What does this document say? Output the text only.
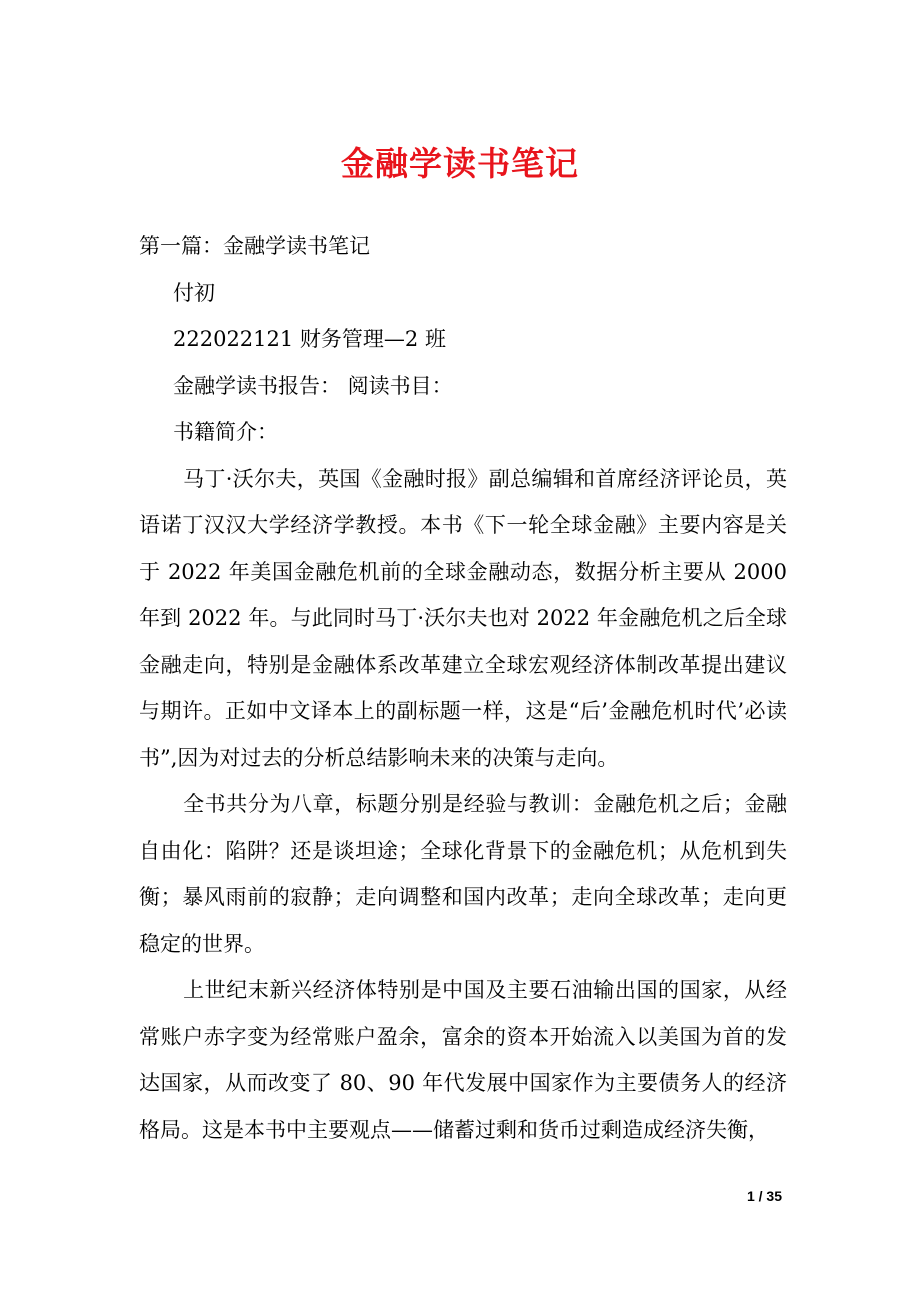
金融学读书笔记

第一篇：金融学读书笔记

付初

222022121 财务管理—2 班

金融学读书报告： 阅读书目：

书籍简介：

马丁·沃尔夫，英国《金融时报》副总编辑和首席经济评论员，英语诺丁汉汉大学经济学教授。本书《下一轮全球金融》主要内容是关于 2022 年美国金融危机前的全球金融动态，数据分析主要从 2000 年到 2022 年。与此同时马丁·沃尔夫也对 2022 年金融危机之后全球金融走向，特别是金融体系改革建立全球宏观经济体制改革提出建议与期许。正如中文译本上的副标题一样，这是“后’金融危机时代’必读书”,因为对过去的分析总结影响未来的决策与走向。

全书共分为八章，标题分别是经验与教训：金融危机之后；金融自由化：陷阱？还是谈坦途；全球化背景下的金融危机；从危机到失衡；暴风雨前的寂静；走向调整和国内改革；走向全球改革；走向更稳定的世界。

上世纪末新兴经济体特别是中国及主要石油输出国的国家，从经常账户赤字变为经常账户盈余，富余的资本开始流入以美国为首的发达国家，从而改变了 80、90 年代发展中国家作为主要债务人的经济格局。这是本书中主要观点——储蓄过剩和货币过剩造成经济失衡，

1 / 35
